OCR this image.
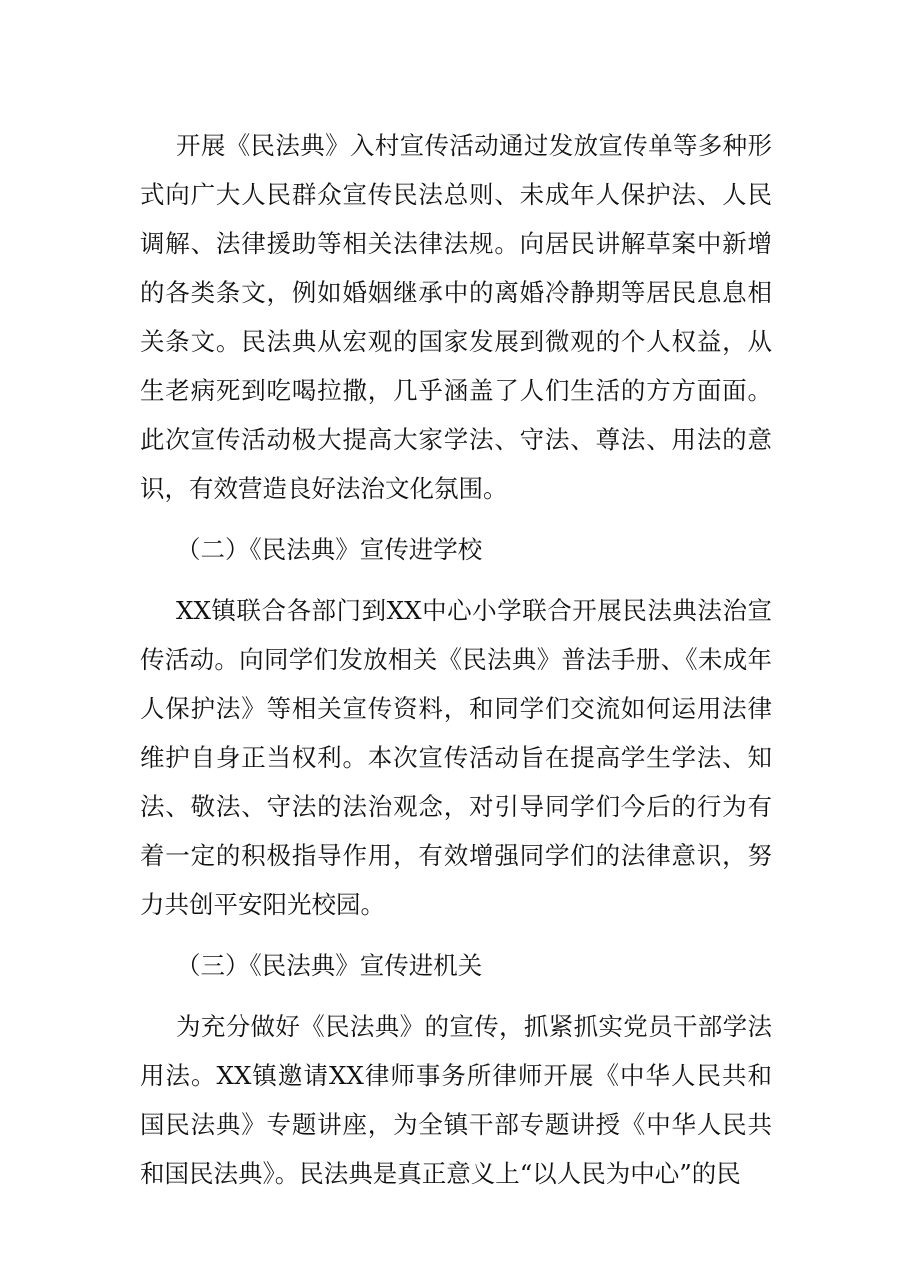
开展《民法典》入村宣传活动通过发放宣传单等多种形式向广大人民群众宣传民法总则、未成年人保护法、人民调解、法律援助等相关法律法规。向居民讲解草案中新增的各类条文，例如婚姻继承中的离婚冷静期等居民息息相关条文。民法典从宏观的国家发展到微观的个人权益，从生老病死到吃喝拉撒，几乎涵盖了人们生活的方方面面。此次宣传活动极大提高大家学法、守法、尊法、用法的意识，有效营造良好法治文化氛围。

（二）《民法典》宣传进学校

XX镇联合各部门到XX中心小学联合开展民法典法治宣传活动。向同学们发放相关《民法典》普法手册、《未成年人保护法》等相关宣传资料，和同学们交流如何运用法律维护自身正当权利。本次宣传活动旨在提高学生学法、知法、敬法、守法的法治观念，对引导同学们今后的行为有着一定的积极指导作用，有效增强同学们的法律意识，努力共创平安阳光校园。

（三）《民法典》宣传进机关

为充分做好《民法典》的宣传，抓紧抓实党员干部学法用法。XX镇邀请XX律师事务所律师开展《中华人民共和国民法典》专题讲座，为全镇干部专题讲授《中华人民共和国民法典》。民法典是真正意义上“以人民为中心”的民
